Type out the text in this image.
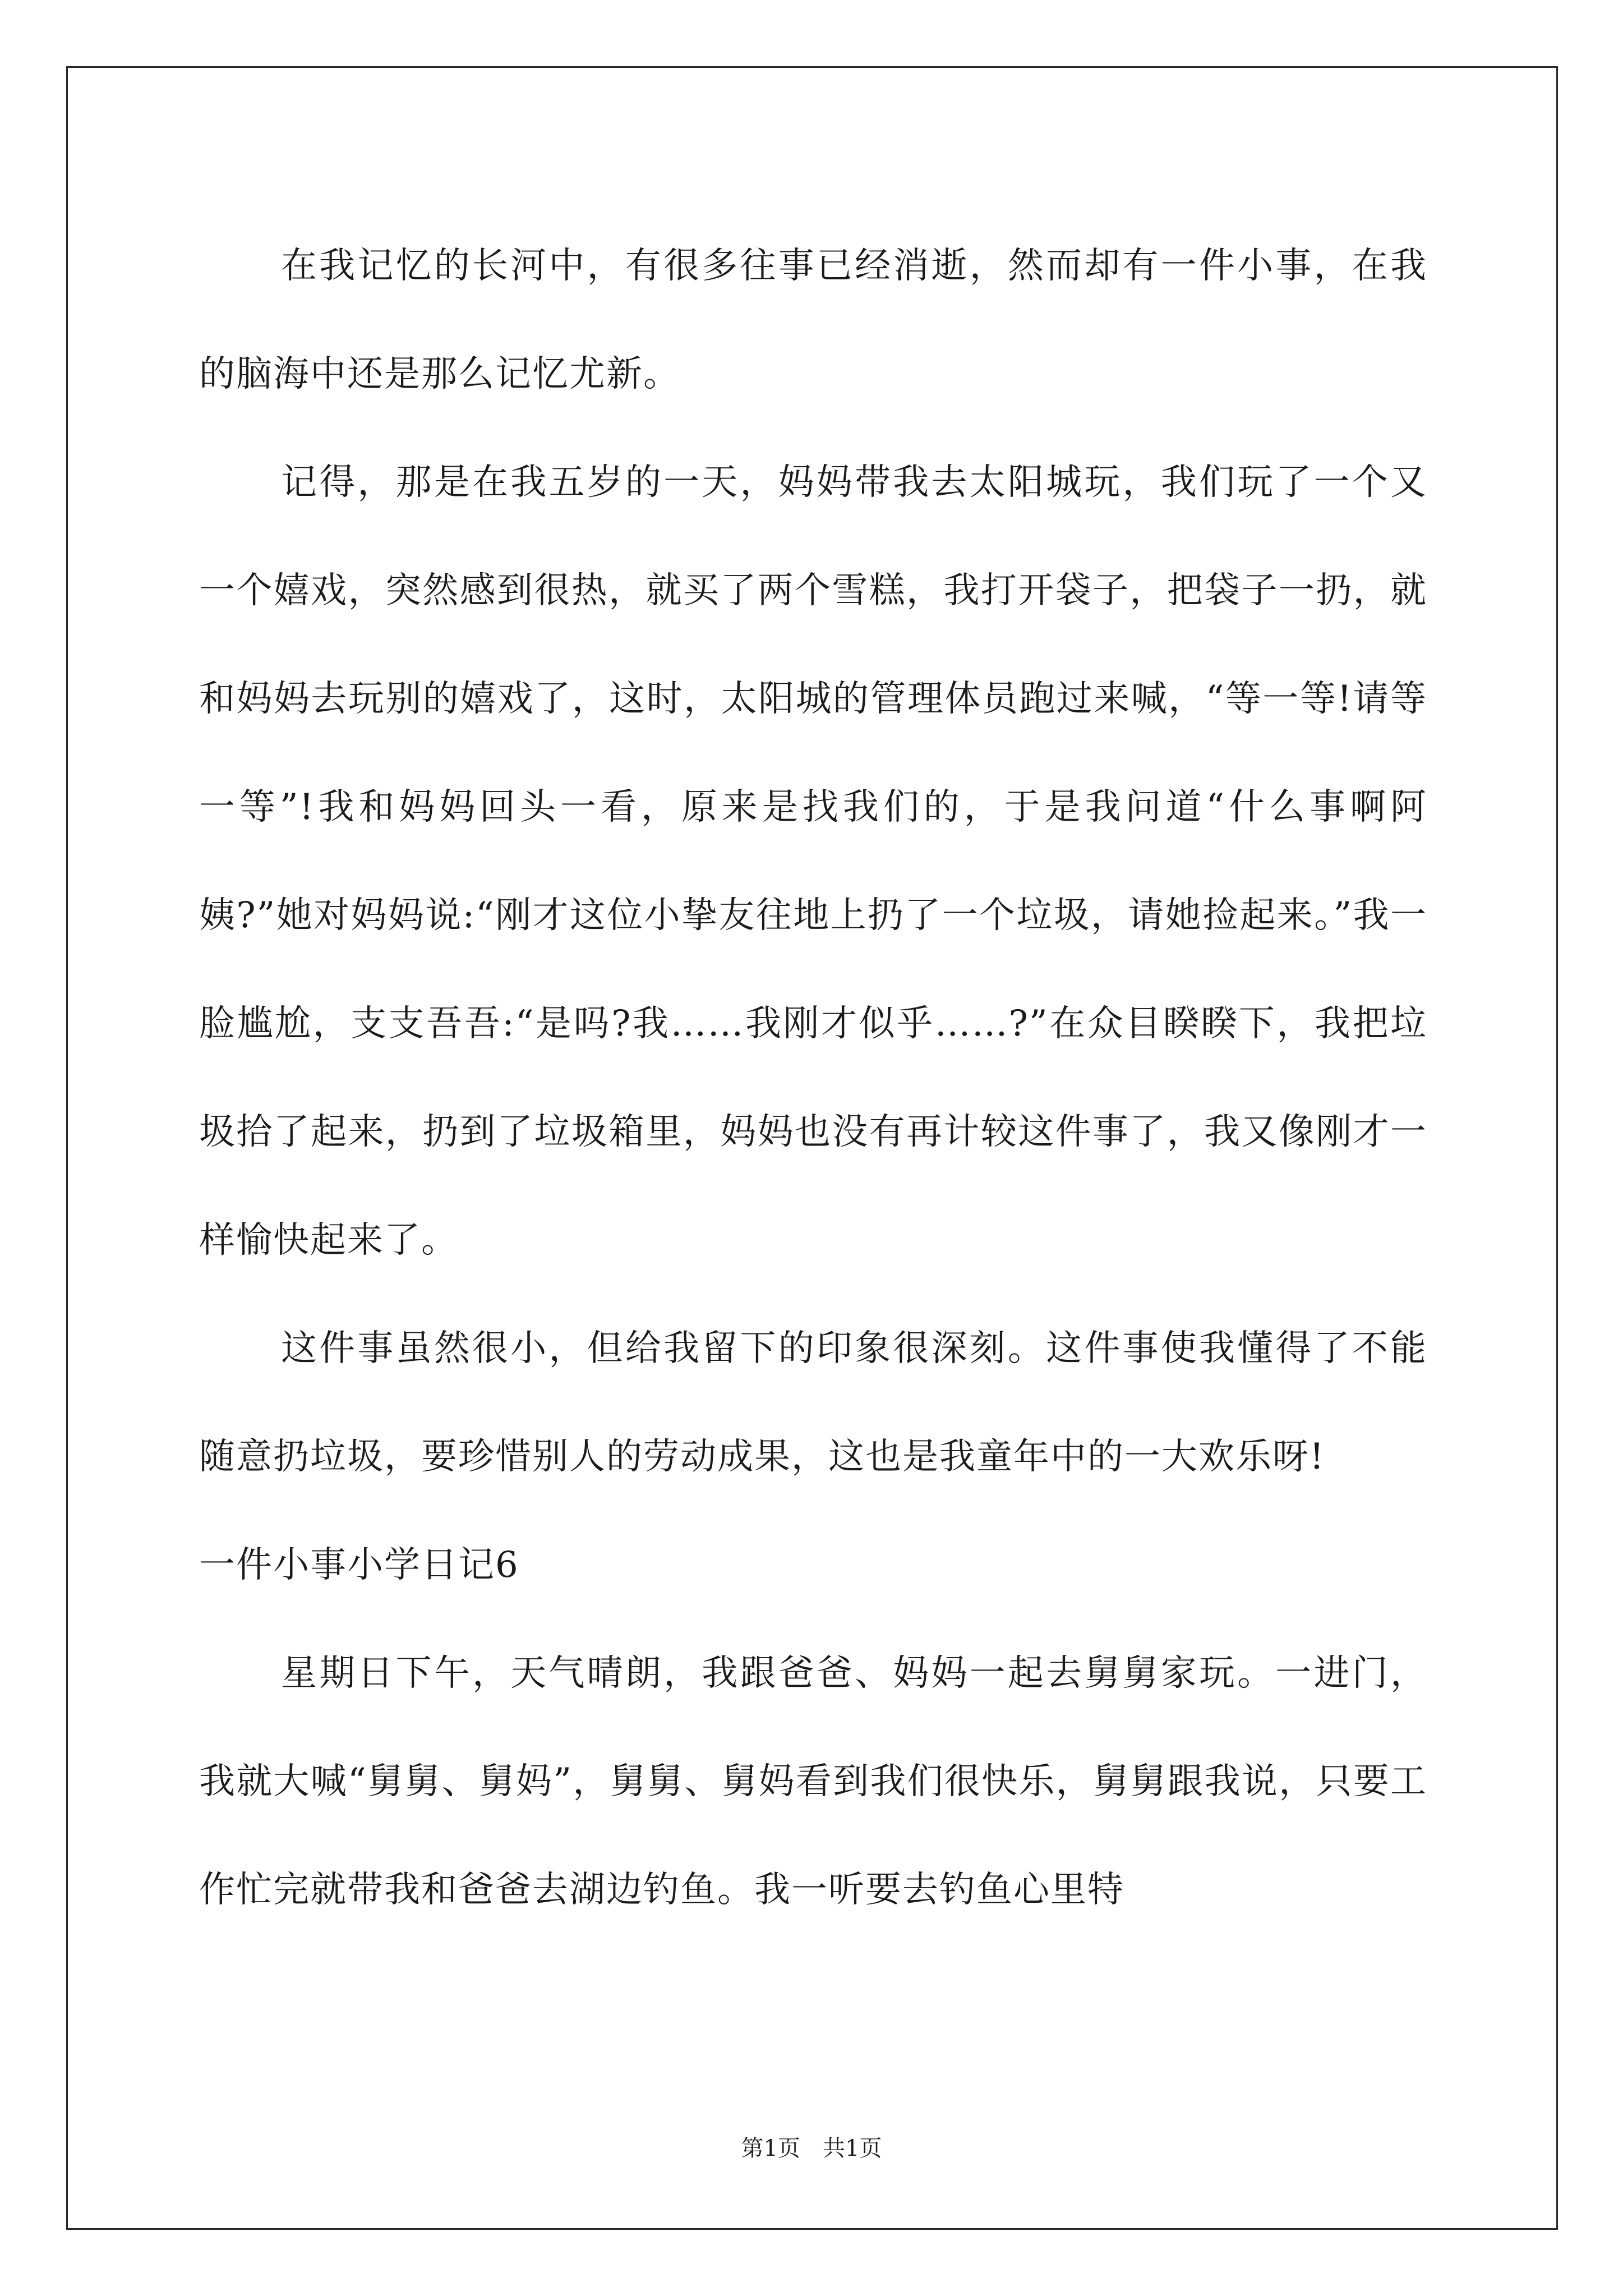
在我记忆的长河中，有很多往事已经消逝，然而却有一件小事，在我的脑海中还是那么记忆尤新。

记得，那是在我五岁的一天，妈妈带我去太阳城玩，我们玩了一个又一个嬉戏，突然感到很热，就买了两个雪糕，我打开袋子，把袋子一扔，就和妈妈去玩别的嬉戏了，这时，太阳城的管理体员跑过来喊，“等一等!请等一等”!我和妈妈回头一看，原来是找我们的，于是我问道“什么事啊阿姨?”她对妈妈说:“刚才这位小挚友往地上扔了一个垃圾，请她捡起来。”我一脸尴尬，支支吾吾:“是吗?我……我刚才似乎……?”在众目睽睽下，我把垃圾拾了起来，扔到了垃圾箱里，妈妈也没有再计较这件事了，我又像刚才一样愉快起来了。

这件事虽然很小，但给我留下的印象很深刻。这件事使我懂得了不能随意扔垃圾，要珍惜别人的劳动成果，这也是我童年中的一大欢乐呀!

一件小事小学日记6

星期日下午，天气晴朗，我跟爸爸、妈妈一起去舅舅家玩。一进门，我就大喊“舅舅、舅妈”，舅舅、舅妈看到我们很快乐，舅舅跟我说，只要工作忙完就带我和爸爸去湖边钓鱼。我一听要去钓鱼心里特

第1页　共1页
